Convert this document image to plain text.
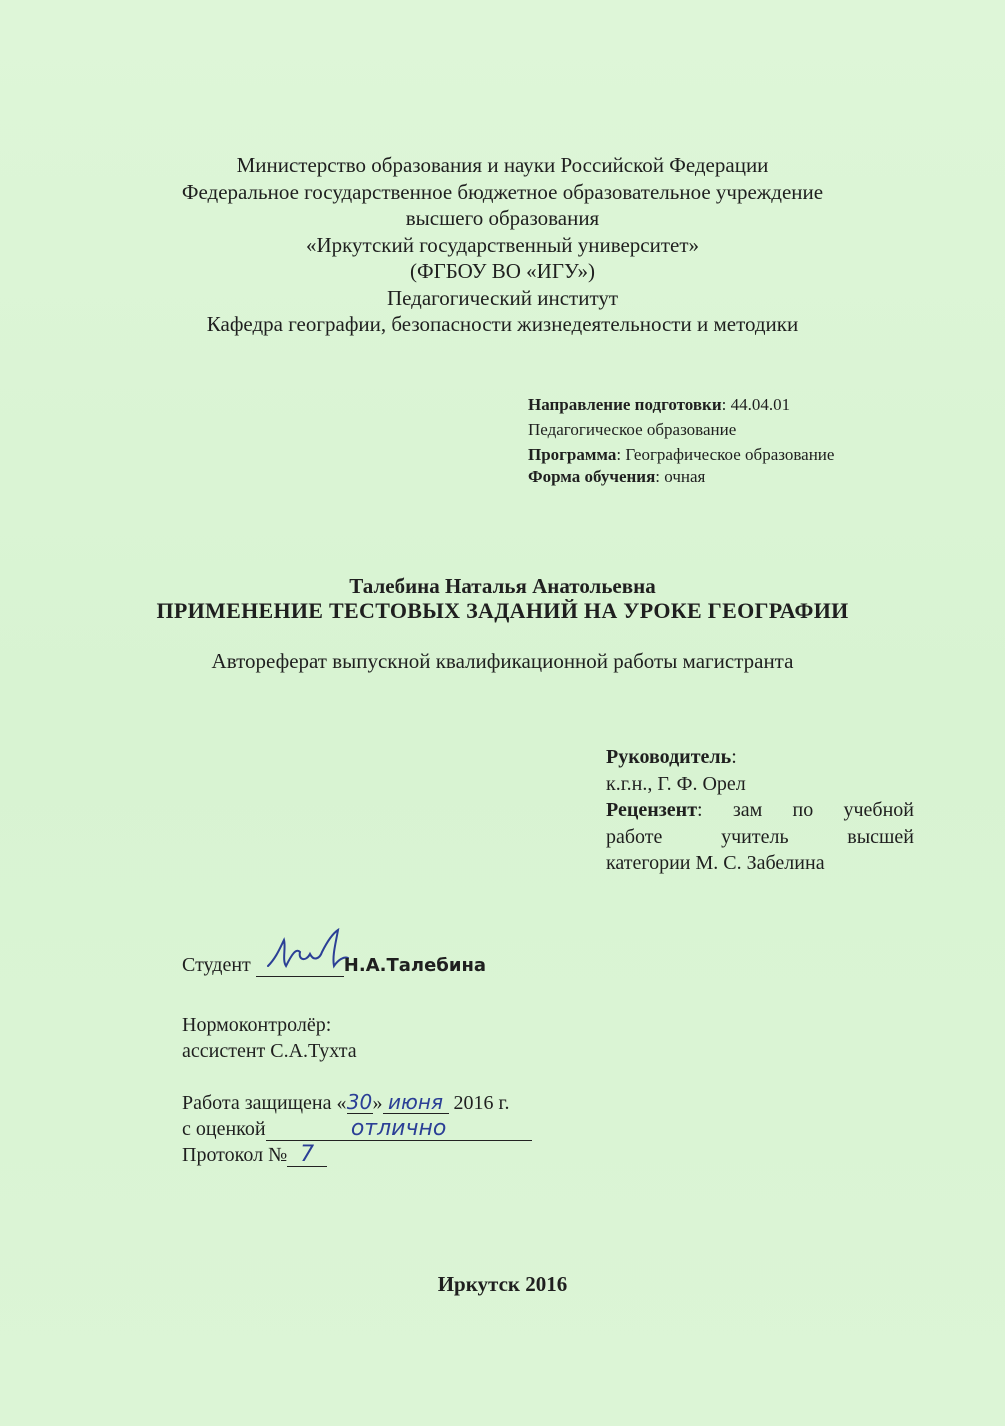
Министерство образования и науки Российской Федерации
Федеральное государственное бюджетное образовательное учреждение
высшего образования
«Иркутский государственный университет»
(ФГБОУ ВО «ИГУ»)
Педагогический институт
Кафедра географии, безопасности жизнедеятельности и методики
Направление подготовки: 44.04.01
Педагогическое образование
Программа: Географическое образование
Форма обучения: очная
Талебина Наталья Анатольевна
ПРИМЕНЕНИЕ ТЕСТОВЫХ ЗАДАНИЙ НА УРОКЕ ГЕОГРАФИИ
Автореферат выпускной квалификационной работы магистранта
Руководитель:
к.г.н., Г. Ф. Орел
Рецензент: зам по учебной
работе учитель высшей
категории М. С. Забелина
Студент	Н.А.Талебина
Нормоконтролёр:
ассистент С.А.Тухта
Работа защищена «30» июня 2016 г.
с оценкой	отлично
Протокол № 7
Иркутск 2016
